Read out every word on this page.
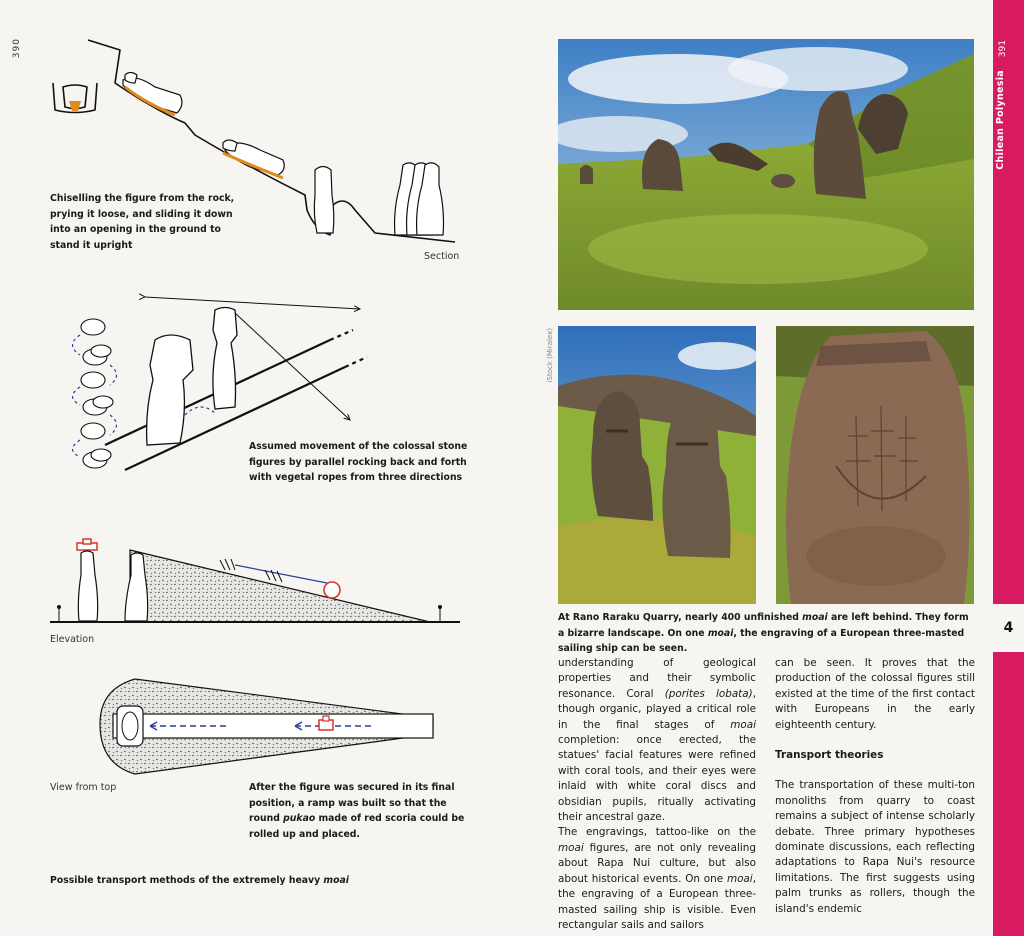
390
Chiselling the figure from the rock, prying it loose, and sliding it down into an opening in the ground to stand it upright
Section
Assumed movement of the colossal stone figures by parallel rocking back and forth with vegetal ropes from three directions
Elevation
View from top	After the figure was secured in its final position, a ramp was built so that the round pukao made of red scoria could be rolled up and placed.
Possible transport methods of the extremely heavy moai
iStock (Miralex)
At Rano Raraku Quarry, nearly 400 unfinished moai are left behind. They form a bizarre landscape. On one moai, the engraving of a European three-masted sailing ship can be seen.

understanding of geological properties and their symbolic resonance. Coral (porites lobata), though organic, played a critical role in the final stages of moai completion: once erected, the statues' facial features were refined with coral tools, and their eyes were inlaid with white coral discs and obsidian pupils, ritually activating their ancestral gaze.

The engravings, tattoo-like on the moai figures, are not only revealing about Rapa Nui culture, but also about historical events. On one moai, the engraving of a European three-masted sailing ship is visible. Even rectangular sails and sailors

can be seen. It proves that the production of the colossal figures still existed at the time of the first contact with Europeans in the early eighteenth century.

Transport theories

The transportation of these multi-ton monoliths from quarry to coast remains a subject of intense scholarly debate. Three primary hypotheses dominate discussions, each reflecting adaptations to Rapa Nui's resource limitations. The first suggests using palm trunks as rollers, though the island's endemic

4
391
Chilean Polynesia
